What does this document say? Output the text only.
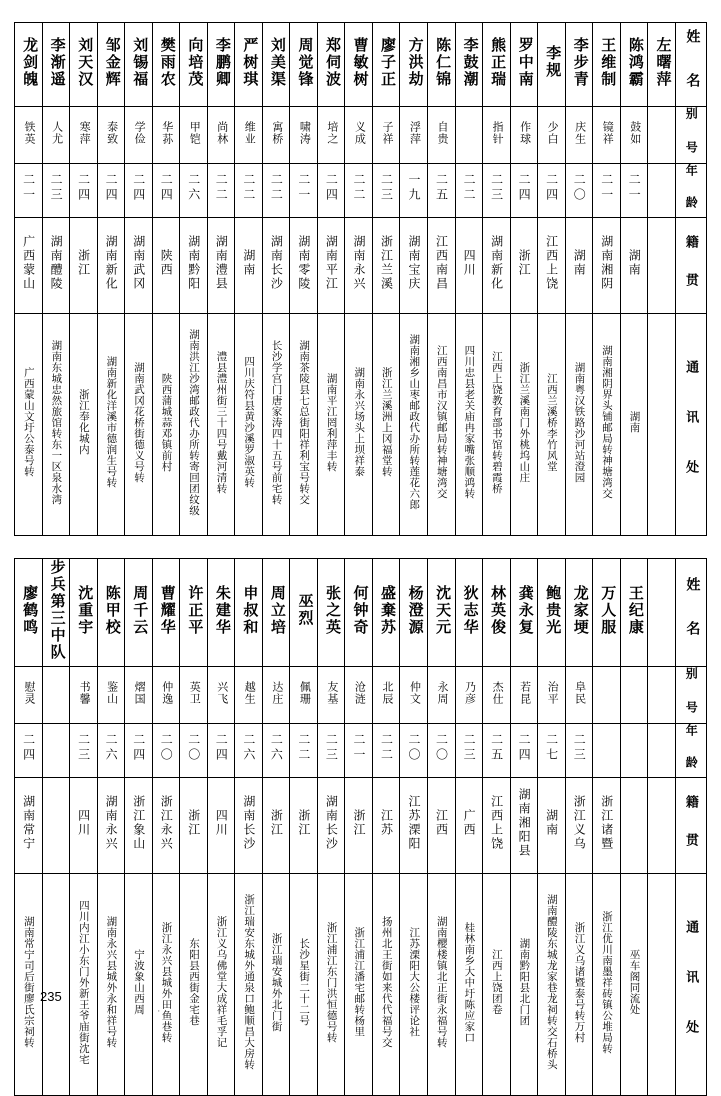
龙剑魄	李渐遥	刘天汉	邹金辉	刘锡福	樊雨农	向培茂	李鹏卿	严树琪	刘美渠	周觉锋	郑伺波	曹敏树	廖子正	方洪劫	陈仁锦	李鼓潮	熊正瑞	罗中南	李规	李步青	王维制	陈鸿霸	左曙萍	姓　名
铁英	人尤	寒萍	泰致	学俭	华荪	甲铠	尚林	维业	寓桥	啸涛	培之	义成	子祥	浮萍	自贵		指针	作球	少白	庆生	镜祥	鼓如		别　号
二一	二三	二四	二四	二四	二四	二六	二二	二二	二二	二一	二四	二二	二三	一九	二五	二二	二三	二四	二四	二〇	二一	二一		年　龄
广西蒙山	湖南醴陵	浙江	湖南新化	湖南武冈	陕西	湖南黔阳	湖南澧县	湖南	湖南长沙	湖南零陵	湖南平江	湖南永兴	浙江兰溪	湖南宝庆	江西南昌	四川	湖南新化	浙江	江西上饶	湖南	湖南湘阴	湖南		籍　贯
广西蒙山文圩公泰号转	湖南东城忠然旅馆转东一区泉水湾	浙江奉化城内	湖南新化洋溪市德润生号转	湖南武冈花桥街德义号转	陕西蒲城蒜邓镇前村	湖南洪江沙湾邮政代办所转寄回团纹级	澧县澧州街三十四号戴河清转	四川庆符县黄沙溪罗淑英转	长沙学宫门唐家涛四十五号前宅转	湖南茶陵县七总街阳祥利宝号转交	湖南平江罔利萍丰转	湖南永兴场头上坝祥泰	浙江兰溪洲上冈福堂转	湖南湘乡山枣邮政代办所转莲花六郎	江西南昌市汉镇邮局转神塘湾交	四川忠县老关庙冉家嘴张顺鸿转	江西上饶教育部书馆转碧霞桥	浙江兰溪南门外桃坞山庄	江西兰溪桥李竹风堂	湖南粤汉铁路沙河站澄园	湖南湘阴界头铺邮局转神塘湾交	湖南		通　讯　处
廖鹤鸣	步兵第三中队	沈重宇	陈甲校	周千云	曹耀华	许正平	朱建华	申叔和	周立培	巫烈	张之英	何钟奇	盛棄苏	杨澄源	沈天元	狄志华	林英俊	龚永复	鲍贵光	龙家埂	万人服	王纪康		姓　名
慰灵		书馨	鉴山	熠国	仲逸	英卫	兴飞	越生	达庄	佩珊	友基	沧涟	北辰	仲文	永周	乃彦	杰仕	若昆	治平	阜民				别　号
二四		二三	二六	二四	二〇	二〇	二四	二六	二六	二二	二三	二一	二二	二〇	二〇	二三	二五	二四	二七	二三				年　龄
湖南常宁		四川	湖南永兴	浙江象山	浙江永兴	浙江	四川	湖南长沙	浙江	浙江	湖南长沙	浙江	江苏	江苏溧阳	江西	广西	江西上饶	湖南湘阳县	湖南	浙江义乌	浙江诸暨			籍　贯
湖南常宁司后街廖氏宗祠转		四川内江小东门外新王爷庙街沈宅	湖南永兴县城外永和祥号转	宁波象山西周	浙江永兴县城外田鱼巷转	东阳县西街金宅巷	浙江义乌佛堂大成祥毛孚记	浙江瑞安东城外通泉口鲍顺昌大房转	浙江瑞安城外北门街	长沙星街二十二号	浙江浦江东门洪恒德号转	浙江浦江潘宅邮转杨里	扬州北王街如来代代福号交	江苏溧阳大公楼评论社	湖南樱楼镇北正街永福号转	桂林南乡大中圩陈应家口	江西上饶团卷	湖南黔阳县北门团	湖南醴陵东城龙家巷龙祠转交石桥头	浙江义乌诸暨泰号转万村	浙江优川南墨祥砖镇公堆局转	巫车阁同流处		通　讯　处
235
· ·
